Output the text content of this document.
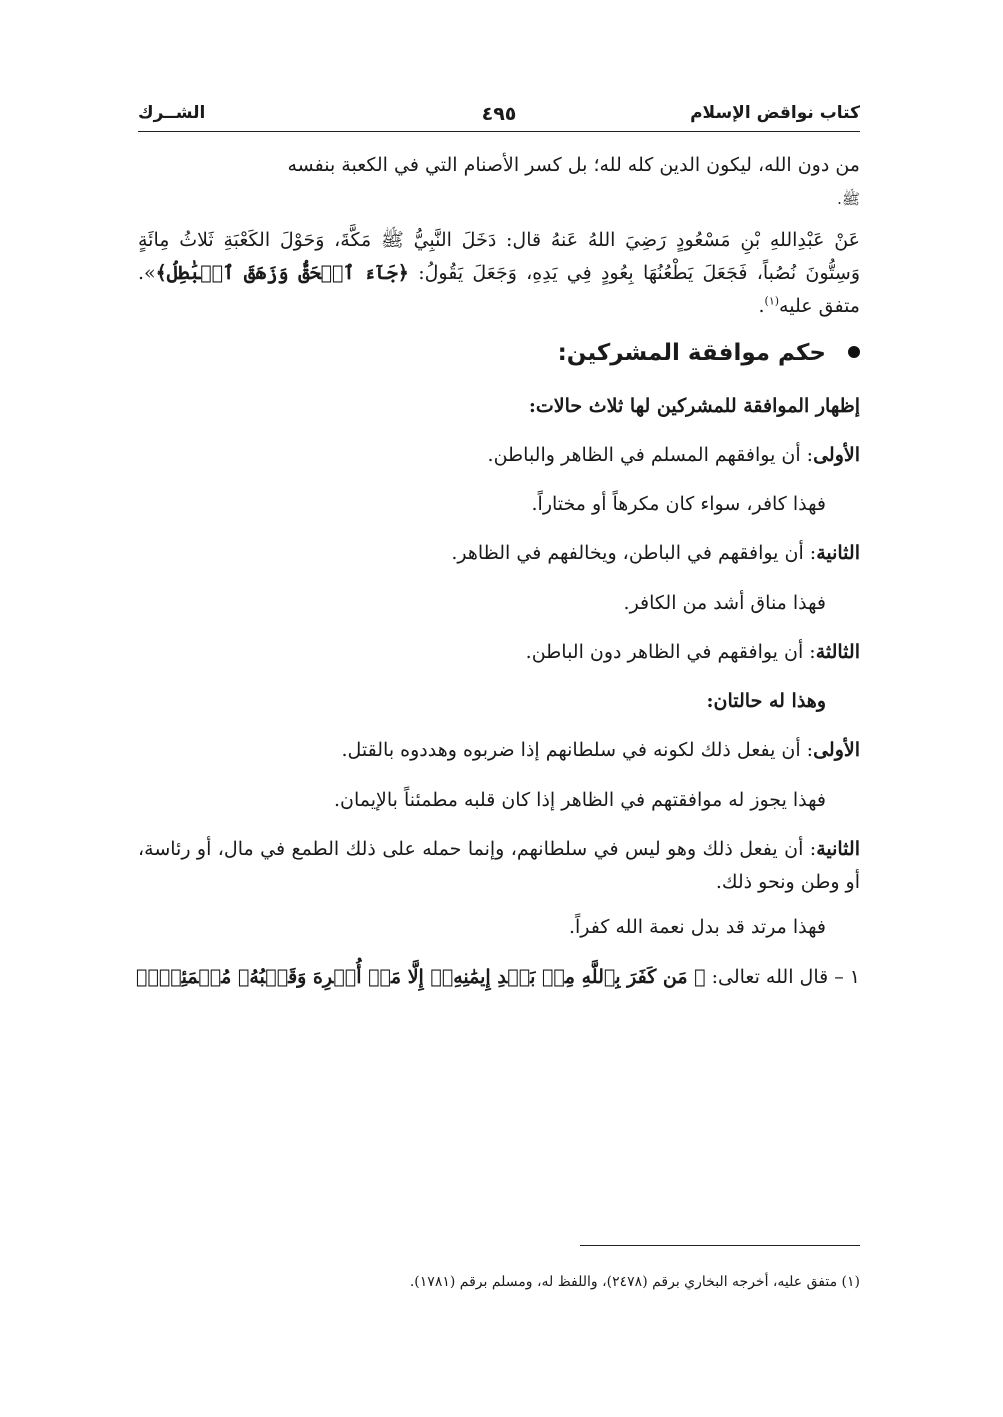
كتاب نواقض الإسلام
٤٩٥
الشــرك

من دون الله، ليكون الدين كله لله؛ بل كسر الأصنام التي في الكعبة بنفسه
ﷺ.

عَنْ عَبْدِاللهِ بْنِ مَسْعُودٍ رَضِيَ اللهُ عَنهُ قال: دَخَلَ النَّبِيُّ ﷺ مَكَّةَ، وَحَوْلَ الكَعْبَةِ ثَلاثُ مِائَةٍ وَسِتُّونَ نُصُباً، فَجَعَلَ يَطْعُنُهَا بِعُودٍ فِي يَدِهِ، وَجَعَلَ يَقُولُ: ﴿جَآءَ ٱلۡحَقُّ وَزَهَقَ ٱلۡبَٰطِلُ﴾». متفق عليه$^{(١)}$.

حكم موافقة المشركين:
إظهار الموافقة للمشركين لها ثلاث حالات:
الأولى: أن يوافقهم المسلم في الظاهر والباطن.
فهذا كافر، سواء كان مكرهاً أو مختاراً.
الثانية: أن يوافقهم في الباطن، ويخالفهم في الظاهر.
فهذا مناق أشد من الكافر.
الثالثة: أن يوافقهم في الظاهر دون الباطن.
وهذا له حالتان:
الأولى: أن يفعل ذلك لكونه في سلطانهم إذا ضربوه وهددوه بالقتل.
فهذا يجوز له موافقتهم في الظاهر إذا كان قلبه مطمئناً بالإيمان.

الثانية: أن يفعل ذلك وهو ليس في سلطانهم، وإنما حمله على ذلك الطمع في مال، أو رئاسة، أو وطن ونحو ذلك.

فهذا مرتد قد بدل نعمة الله كفراً.
١ – قال الله تعالى: ﴿ مَن كَفَرَ بِٱللَّهِ مِنۢ بَعۡدِ إِيمَٰنِهِۦٓ إِلَّا مَنۡ أُكۡرِهَ وَقَلۡبُهُۥ مُطۡمَئِنُّۢ
(١) متفق عليه، أخرجه البخاري برقم (٢٤٧٨)، واللفظ له، ومسلم برقم (١٧٨١).
